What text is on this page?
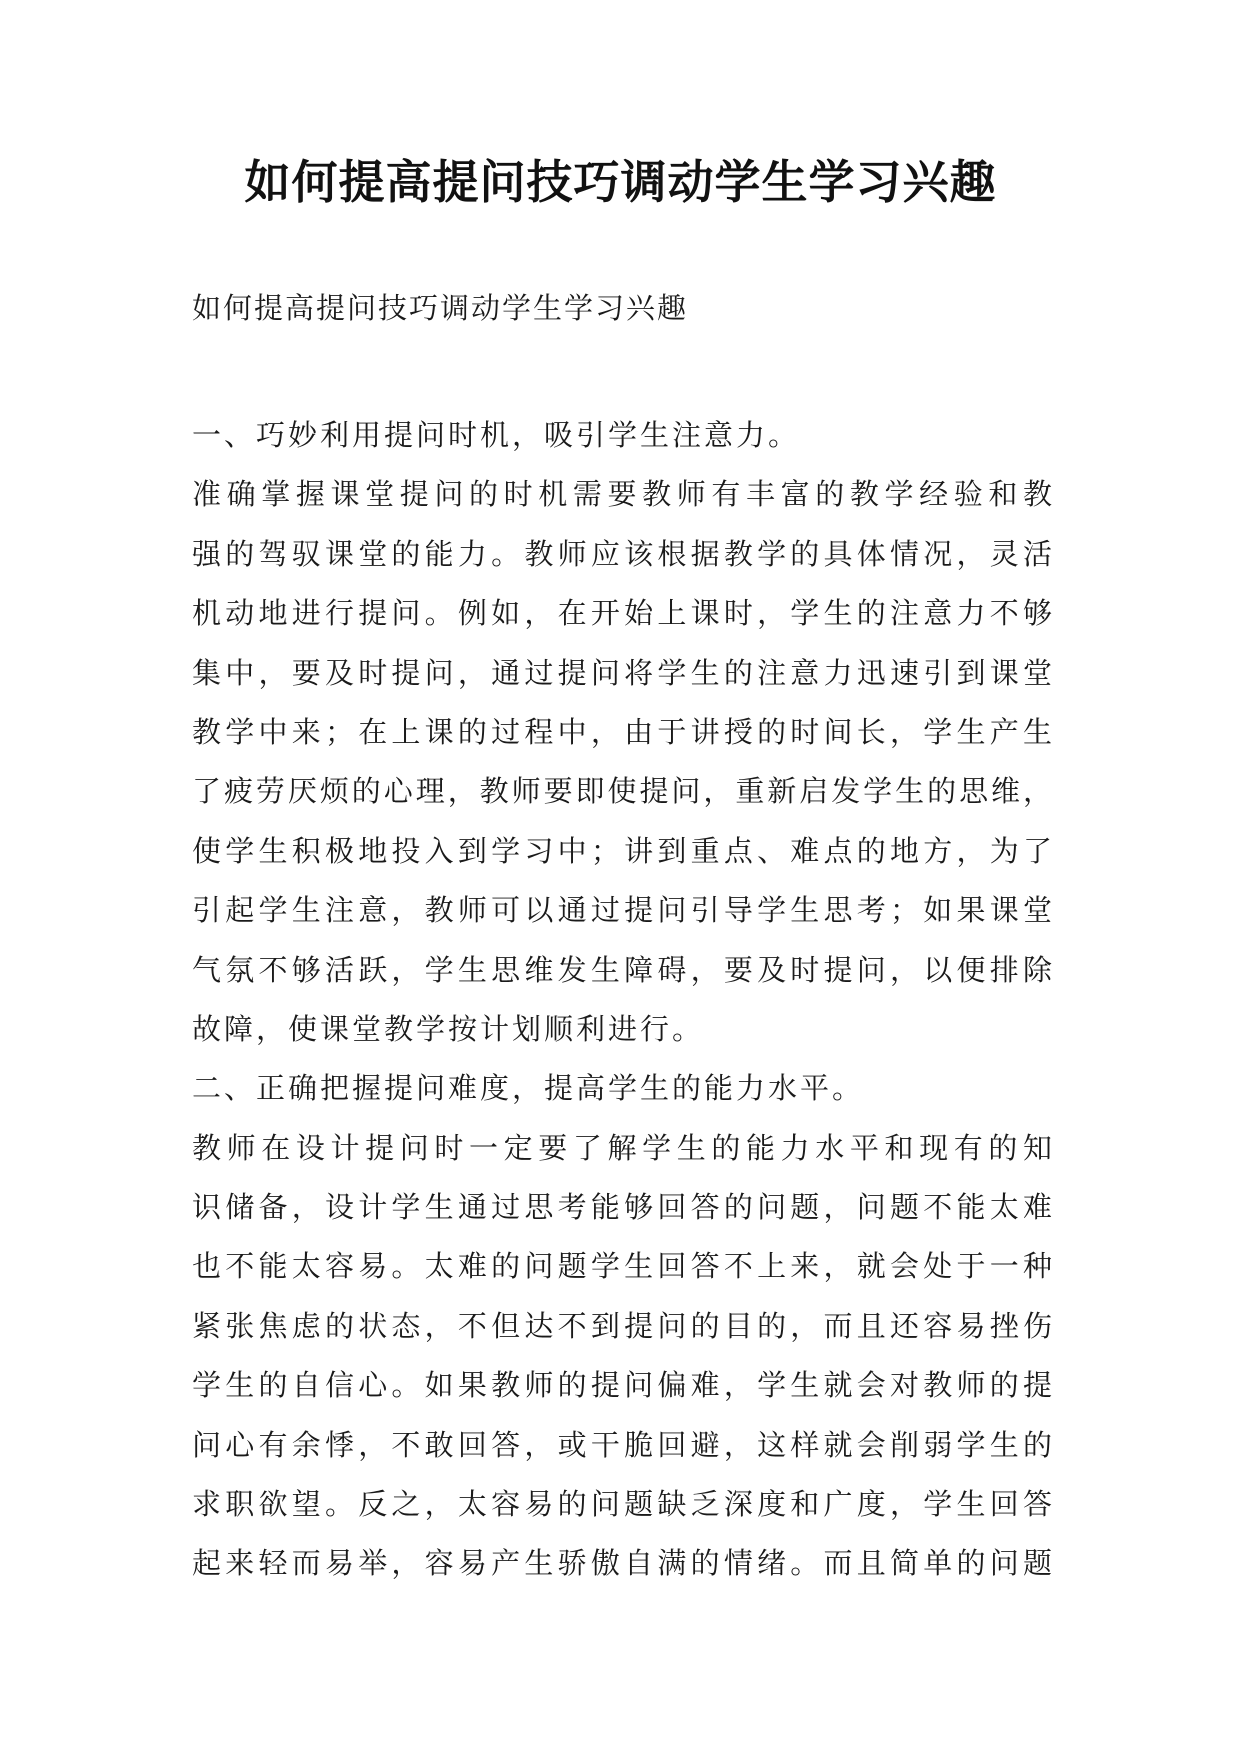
如何提高提问技巧调动学生学习兴趣
如何提高提问技巧调动学生学习兴趣
一、巧妙利用提问时机，吸引学生注意力。
准确掌握课堂提问的时机需要教师有丰富的教学经验和教
强的驾驭课堂的能力。教师应该根据教学的具体情况，灵活
机动地进行提问。例如，在开始上课时，学生的注意力不够
集中，要及时提问，通过提问将学生的注意力迅速引到课堂
教学中来；在上课的过程中，由于讲授的时间长，学生产生
了疲劳厌烦的心理，教师要即使提问，重新启发学生的思维，
使学生积极地投入到学习中；讲到重点、难点的地方，为了
引起学生注意，教师可以通过提问引导学生思考；如果课堂
气氛不够活跃，学生思维发生障碍，要及时提问，以便排除
故障，使课堂教学按计划顺利进行。
二、正确把握提问难度，提高学生的能力水平。
教师在设计提问时一定要了解学生的能力水平和现有的知
识储备，设计学生通过思考能够回答的问题，问题不能太难
也不能太容易。太难的问题学生回答不上来，就会处于一种
紧张焦虑的状态，不但达不到提问的目的，而且还容易挫伤
学生的自信心。如果教师的提问偏难，学生就会对教师的提
问心有余悸，不敢回答，或干脆回避，这样就会削弱学生的
求职欲望。反之，太容易的问题缺乏深度和广度，学生回答
起来轻而易举，容易产生骄傲自满的情绪。而且简单的问题
